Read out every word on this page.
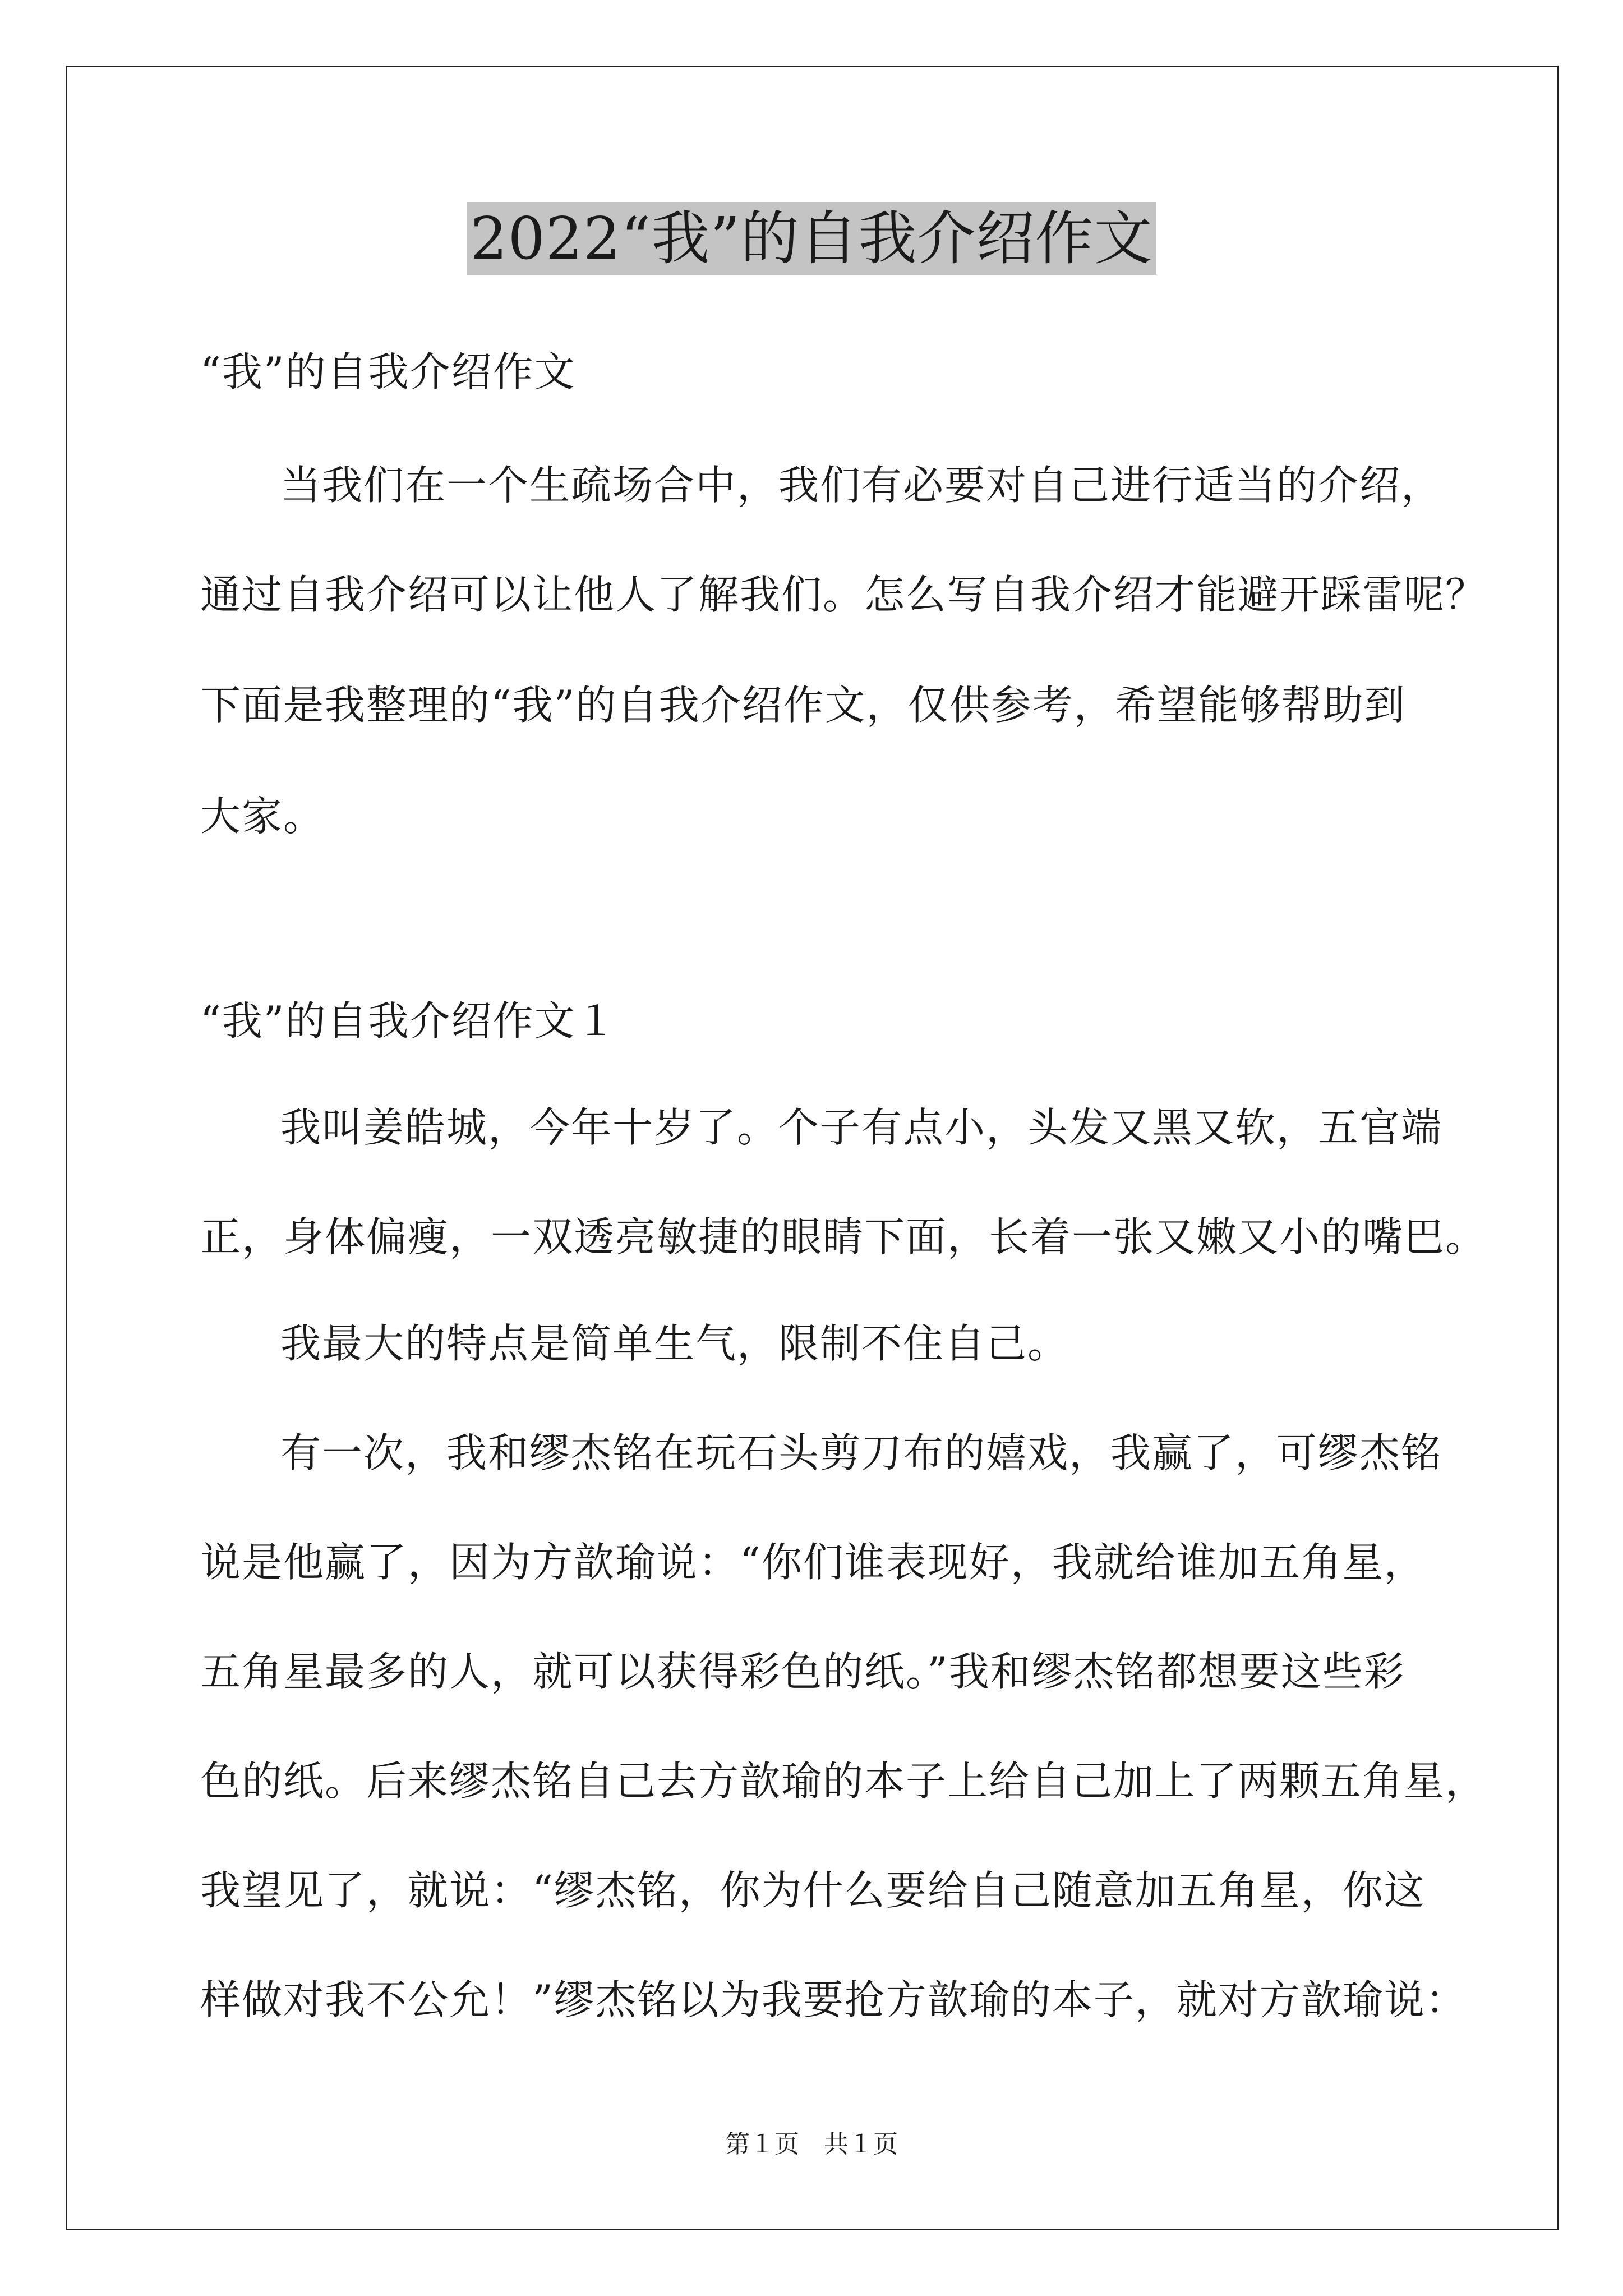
2022“我”的自我介绍作文
“我”的自我介绍作文
当我们在一个生疏场合中，我们有必要对自己进行适当的介绍，
通过自我介绍可以让他人了解我们。怎么写自我介绍才能避开踩雷呢？
下面是我整理的“我”的自我介绍作文，仅供参考，希望能够帮助到
大家。
“我”的自我介绍作文１
我叫姜皓城，今年十岁了。个子有点小，头发又黑又软，五官端
正，身体偏瘦，一双透亮敏捷的眼睛下面，长着一张又嫩又小的嘴巴。
我最大的特点是简单生气，限制不住自己。
有一次，我和缪杰铭在玩石头剪刀布的嬉戏，我赢了，可缪杰铭
说是他赢了，因为方歆瑜说：“你们谁表现好，我就给谁加五角星，
五角星最多的人，就可以获得彩色的纸。”我和缪杰铭都想要这些彩
色的纸。后来缪杰铭自己去方歆瑜的本子上给自己加上了两颗五角星，
我望见了，就说：“缪杰铭，你为什么要给自己随意加五角星，你这
样做对我不公允！”缪杰铭以为我要抢方歆瑜的本子，就对方歆瑜说：
第１页　共１页
